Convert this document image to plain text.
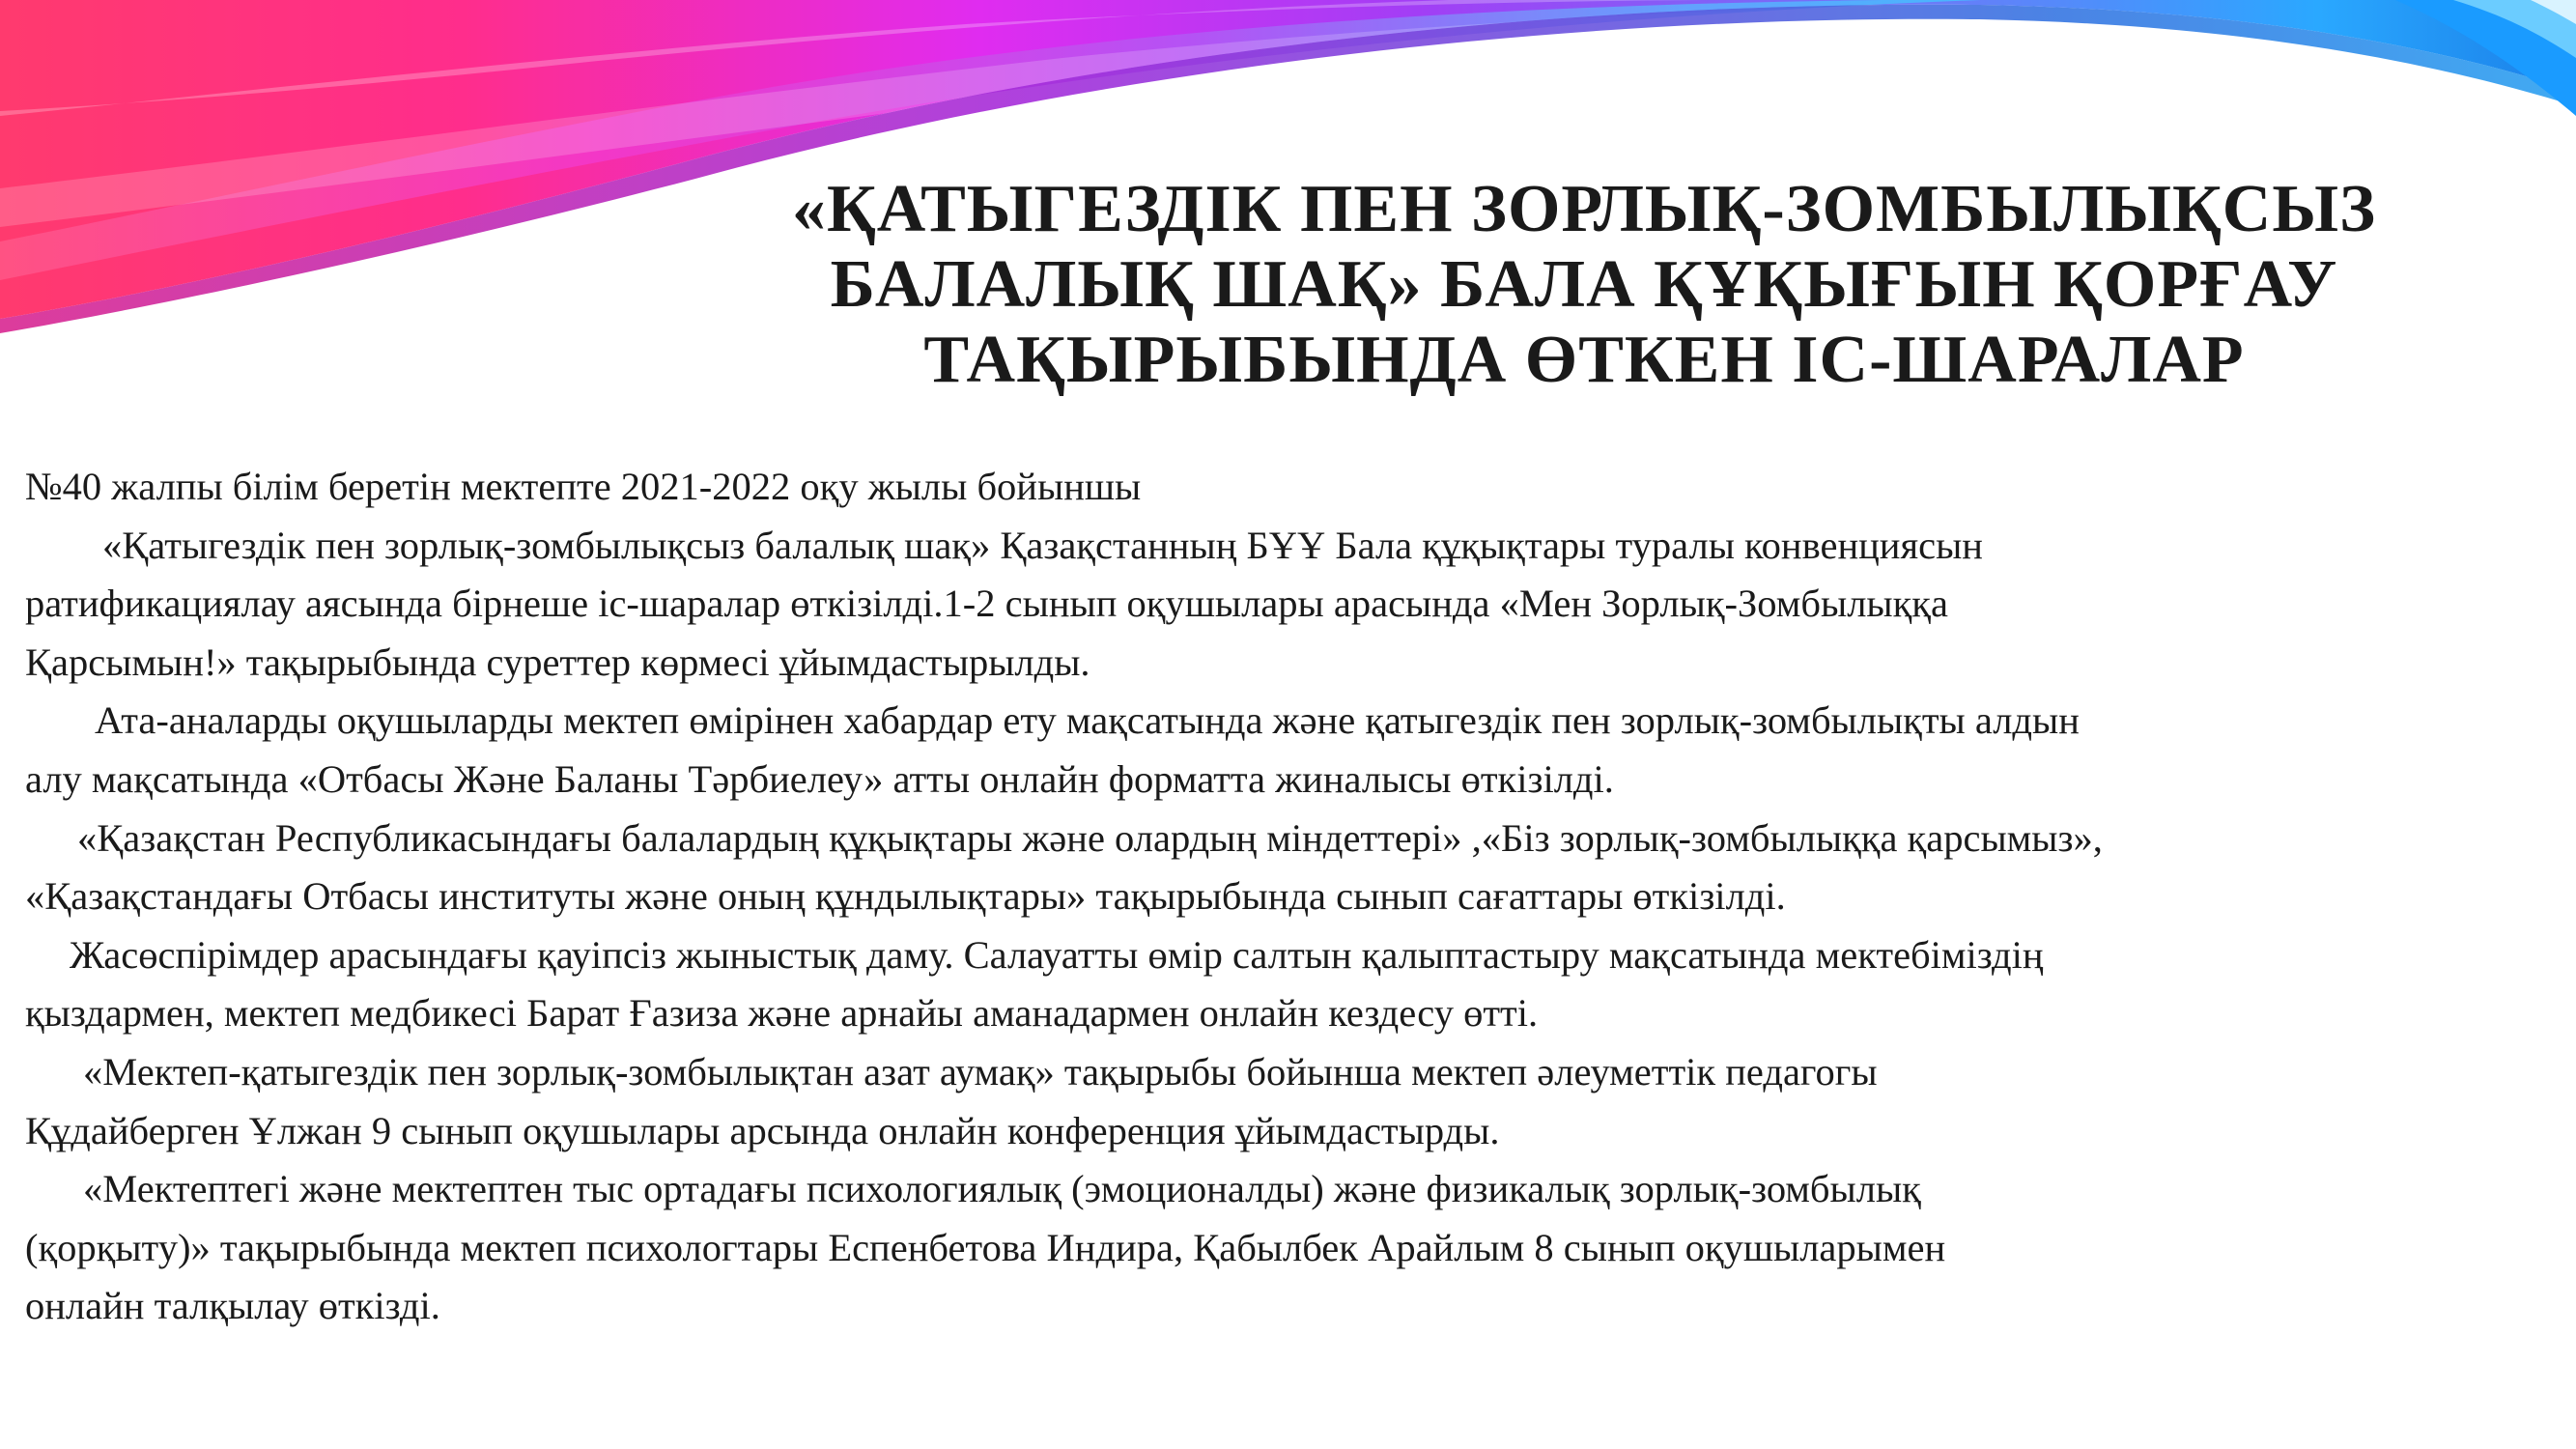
«ҚАТЫГЕЗДІК ПЕН ЗОРЛЫҚ-ЗОМБЫЛЫҚСЫЗ
БАЛАЛЫҚ ШАҚ» БАЛА ҚҰҚЫҒЫН ҚОРҒАУ
ТАҚЫРЫБЫНДА ӨТКЕН ІС-ШАРАЛАР

№40 жалпы білім беретін мектепте 2021-2022 оқу жылы бойыншы

«Қатыгездік пен зорлық-зомбылықсыз балалық шақ» Қазақстанның БҰҰ Бала құқықтары туралы конвенциясын

ратификациялау аясында бірнеше іс-шаралар өткізілді.1-2 сынып оқушылары арасында «Мен Зорлық-Зомбылыққа

Қарсымын!» тақырыбында суреттер көрмесі ұйымдастырылды.

Ата-аналарды оқушыларды мектеп өмірінен хабардар ету мақсатында және қатыгездік пен зорлық-зомбылықты алдын

алу мақсатында «Отбасы Және Баланы Тәрбиелеу» атты онлайн форматта жиналысы өткізілді.

«Қазақстан Республикасындағы балалардың құқықтары және олардың міндеттері» ,«Біз зорлық-зомбылыққа қарсымыз»,

«Қазақстандағы Отбасы институты және оның құндылықтары» тақырыбында сынып сағаттары өткізілді.

Жасөспірімдер арасындағы қауіпсіз жыныстық даму. Салауатты өмір салтын қалыптастыру мақсатында мектебіміздің

қыздармен, мектеп медбикесі Барат Ғазиза және арнайы аманадармен онлайн кездесу өтті.

«Мектеп-қатыгездік пен зорлық-зомбылықтан азат аумақ» тақырыбы бойынша мектеп әлеуметтік педагогы

Құдайберген Ұлжан 9 сынып оқушылары арсында онлайн конференция ұйымдастырды.

«Мектептегі және мектептен тыс ортадағы психологиялық (эмоционалды) және физикалық зорлық-зомбылық

(қорқыту)» тақырыбында мектеп психологтары Еспенбетова Индира, Қабылбек Арайлым 8 сынып оқушыларымен

онлайн талқылау өткізді.
